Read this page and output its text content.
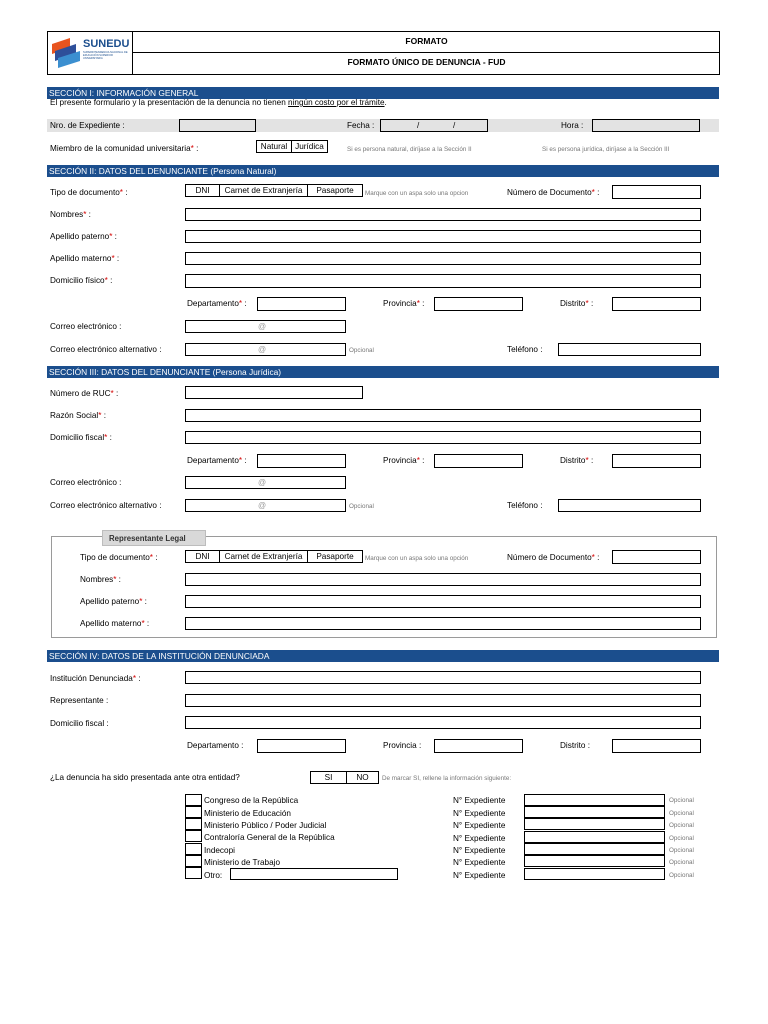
SUNEDU
SUPERINTENDENCIA NACIONAL DE EDUCACIÓN SUPERIOR UNIVERSITARIA
FORMATO
FORMATO ÚNICO DE DENUNCIA - FUD
SECCIÓN I: INFORMACIÓN GENERAL
El presente formulario y la presentación de la denuncia no tienen ningún costo por el trámite.
Nro. de Expediente :	Fecha :	/	/	Hora :
Miembro de la comunidad universitaria* :	Natural Jurídica	Si es persona natural, diríjase a la Sección II	Si es persona jurídica, diríjase a la Sección III
SECCIÓN II: DATOS DEL DENUNCIANTE (Persona Natural)
Tipo de documento* :	DNI Carnet de Extranjería Pasaporte Marque con un aspa solo una opcion	Número de Documento* :
Nombres* :
Apellido paterno* :
Apellido materno* :
Domicilio físico* :
Departamento* :	Provincia* :	Distrito* :
Correo electrónico :	@
Correo electrónico alternativo :	@	Opcional	Teléfono :
SECCIÓN III: DATOS DEL DENUNCIANTE (Persona Jurídica)
Número de RUC* :
Razón Social* :
Domicilio fiscal* :
Departamento* :	Provincia* :	Distrito* :
Correo electrónico :	@
Correo electrónico alternativo :	@	Opcional	Teléfono :
Representante Legal
Tipo de documento* :	DNI Carnet de Extranjería Pasaporte Marque con un aspa solo una opción	Número de Documento* :
Nombres* :
Apellido paterno* :
Apellido materno* :
SECCIÓN IV: DATOS DE LA INSTITUCIÓN DENUNCIADA
Institución Denunciada* :
Representante :
Domicilio fiscal :
Departamento :	Provincia :	Distrito :
¿La denuncia ha sido presentada ante otra entidad?	SI	NO De marcar SI, rellene la información siguiente:
Congreso de la República	N° Expediente	Opcional
Ministerio de Educación	N° Expediente	Opcional
Ministerio Público / Poder Judicial	N° Expediente	Opcional
Contraloría General de la República	N° Expediente	Opcional
Indecopi	N° Expediente	Opcional
Ministerio de Trabajo	N° Expediente	Opcional
Otro:	N° Expediente	Opcional
